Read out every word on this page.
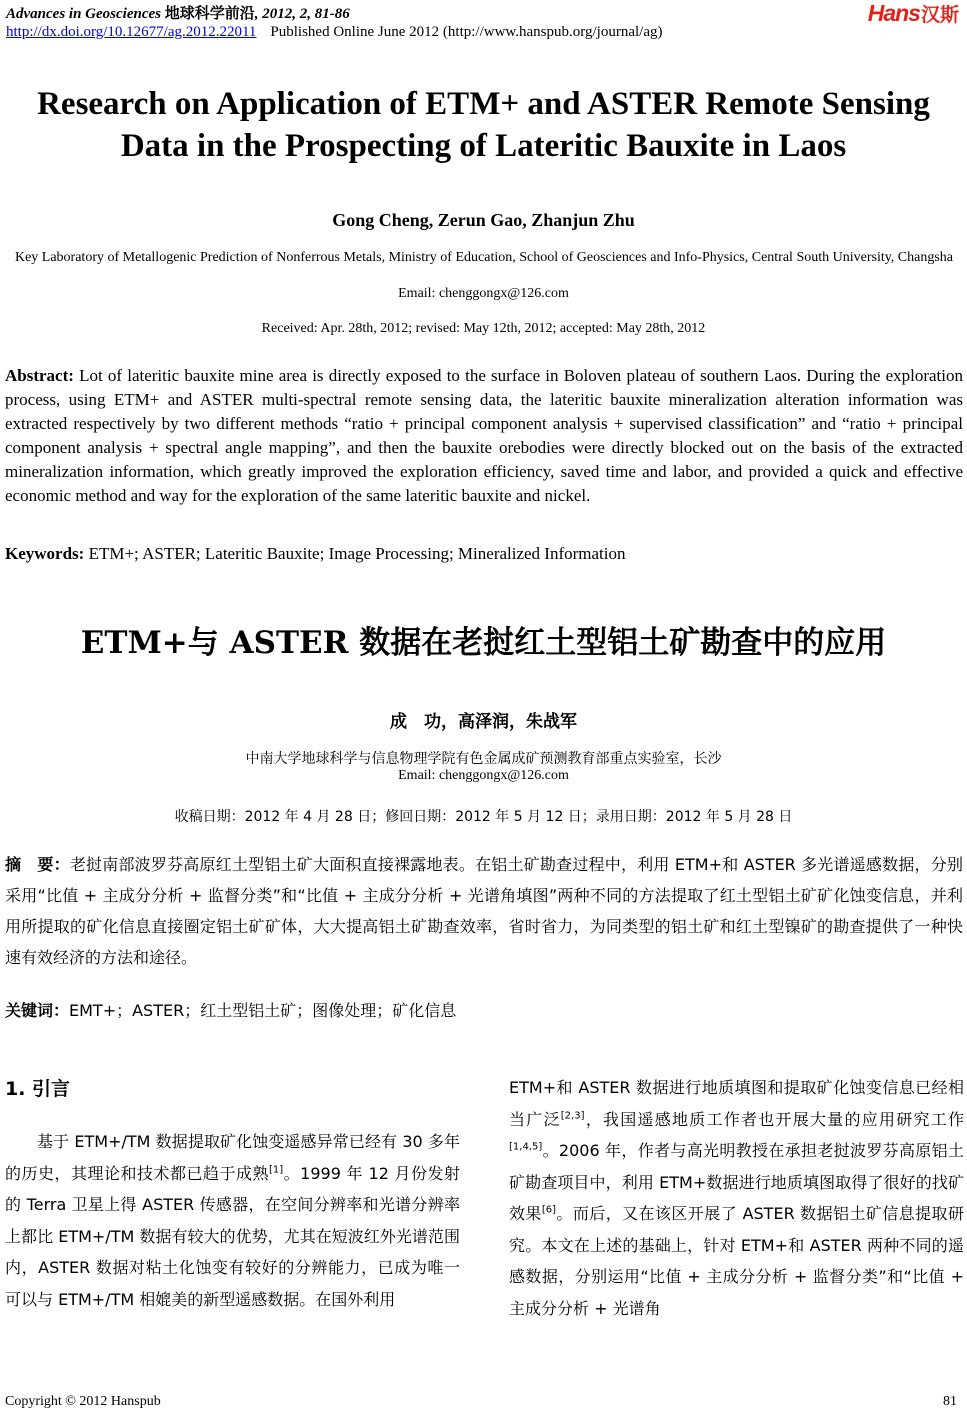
Advances in Geosciences 地球科学前沿, 2012, 2, 81-86
http://dx.doi.org/10.12677/ag.2012.22011 Published Online June 2012 (http://www.hanspub.org/journal/ag)
Hans 汉斯
Research on Application of ETM+ and ASTER Remote Sensing Data in the Prospecting of Lateritic Bauxite in Laos
Gong Cheng, Zerun Gao, Zhanjun Zhu
Key Laboratory of Metallogenic Prediction of Nonferrous Metals, Ministry of Education, School of Geosciences and Info-Physics, Central South University, Changsha
Email: chenggongx@126.com
Received: Apr. 28th, 2012; revised: May 12th, 2012; accepted: May 28th, 2012
Abstract: Lot of lateritic bauxite mine area is directly exposed to the surface in Boloven plateau of southern Laos. During the exploration process, using ETM+ and ASTER multi-spectral remote sensing data, the lateritic bauxite mineralization alteration information was extracted respectively by two different methods “ratio + principal component analysis + supervised classification” and “ratio + principal component analysis + spectral angle mapping”, and then the bauxite orebodies were directly blocked out on the basis of the extracted mineralization information, which greatly improved the exploration efficiency, saved time and labor, and provided a quick and effective economic method and way for the exploration of the same lateritic bauxite and nickel.
Keywords: ETM+; ASTER; Lateritic Bauxite; Image Processing; Mineralized Information
ETM+与 ASTER 数据在老挝红土型铝土矿勘查中的应用
成　功，高泽润，朱战军
中南大学地球科学与信息物理学院有色金属成矿预测教育部重点实验室，长沙
Email: chenggongx@126.com
收稿日期：2012 年 4 月 28 日；修回日期：2012 年 5 月 12 日；录用日期：2012 年 5 月 28 日
摘　要：老挝南部波罗芬高原红土型铝土矿大面积直接裸露地表。在铝土矿勘查过程中，利用 ETM+和 ASTER 多光谱遥感数据，分别采用“比值 + 主成分分析 + 监督分类”和“比值 + 主成分分析 + 光谱角填图”两种不同的方法提取了红土型铝土矿矿化蚀变信息，并利用所提取的矿化信息直接圈定铝土矿矿体，大大提高铝土矿勘查效率，省时省力，为同类型的铝土矿和红土型镍矿的勘查提供了一种快速有效经济的方法和途径。
关键词：EMT+；ASTER；红土型铝土矿；图像处理；矿化信息
1. 引言
基于 ETM+/TM 数据提取矿化蚀变遥感异常已经有 30 多年的历史，其理论和技术都已趋于成熟[1]。1999 年 12 月份发射的 Terra 卫星上得 ASTER 传感器，在空间分辨率和光谱分辨率上都比 ETM+/TM 数据有较大的优势，尤其在短波红外光谱范围内，ASTER 数据对粘土化蚀变有较好的分辨能力，已成为唯一可以与 ETM+/TM 相媲美的新型遥感数据。在国外利用
ETM+和 ASTER 数据进行地质填图和提取矿化蚀变信息已经相当广泛[2,3]，我国遥感地质工作者也开展大量的应用研究工作[1,4,5]。2006 年，作者与高光明教授在承担老挝波罗芬高原铝土矿勘查项目中，利用 ETM+数据进行地质填图取得了很好的找矿效果[6]。而后，又在该区开展了 ASTER 数据铝土矿信息提取研究。本文在上述的基础上，针对 ETM+和 ASTER 两种不同的遥感数据，分别运用“比值 + 主成分分析 + 监督分类”和“比值 + 主成分分析 + 光谱角
Copyright © 2012 Hanspub	81
